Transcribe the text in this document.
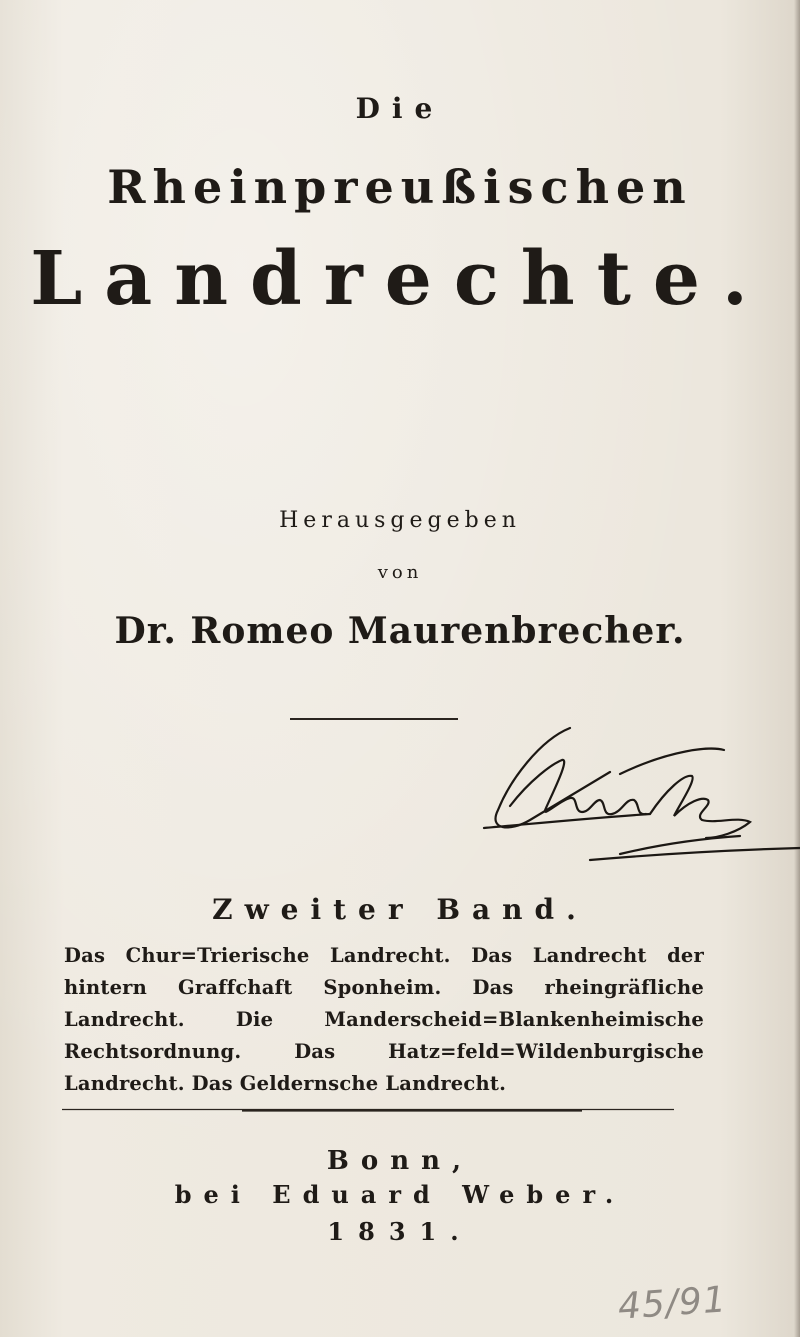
Die
Rheinpreußischen
Landrechte.
Herausgegeben
von
Dr. Romeo Maurenbrecher.
Zweiter Band.
Das Chur=Trierische Landrecht. Das Landrecht der hintern Graffchaft Sponheim. Das rheingräfliche Landrecht. Die Manderscheid=Blankenheimische Rechtsordnung. Das Hatz=feld=Wildenburgische Landrecht. Das Geldernsche Landrecht.
Bonn,
bei Eduard Weber.
1831.
45/91
